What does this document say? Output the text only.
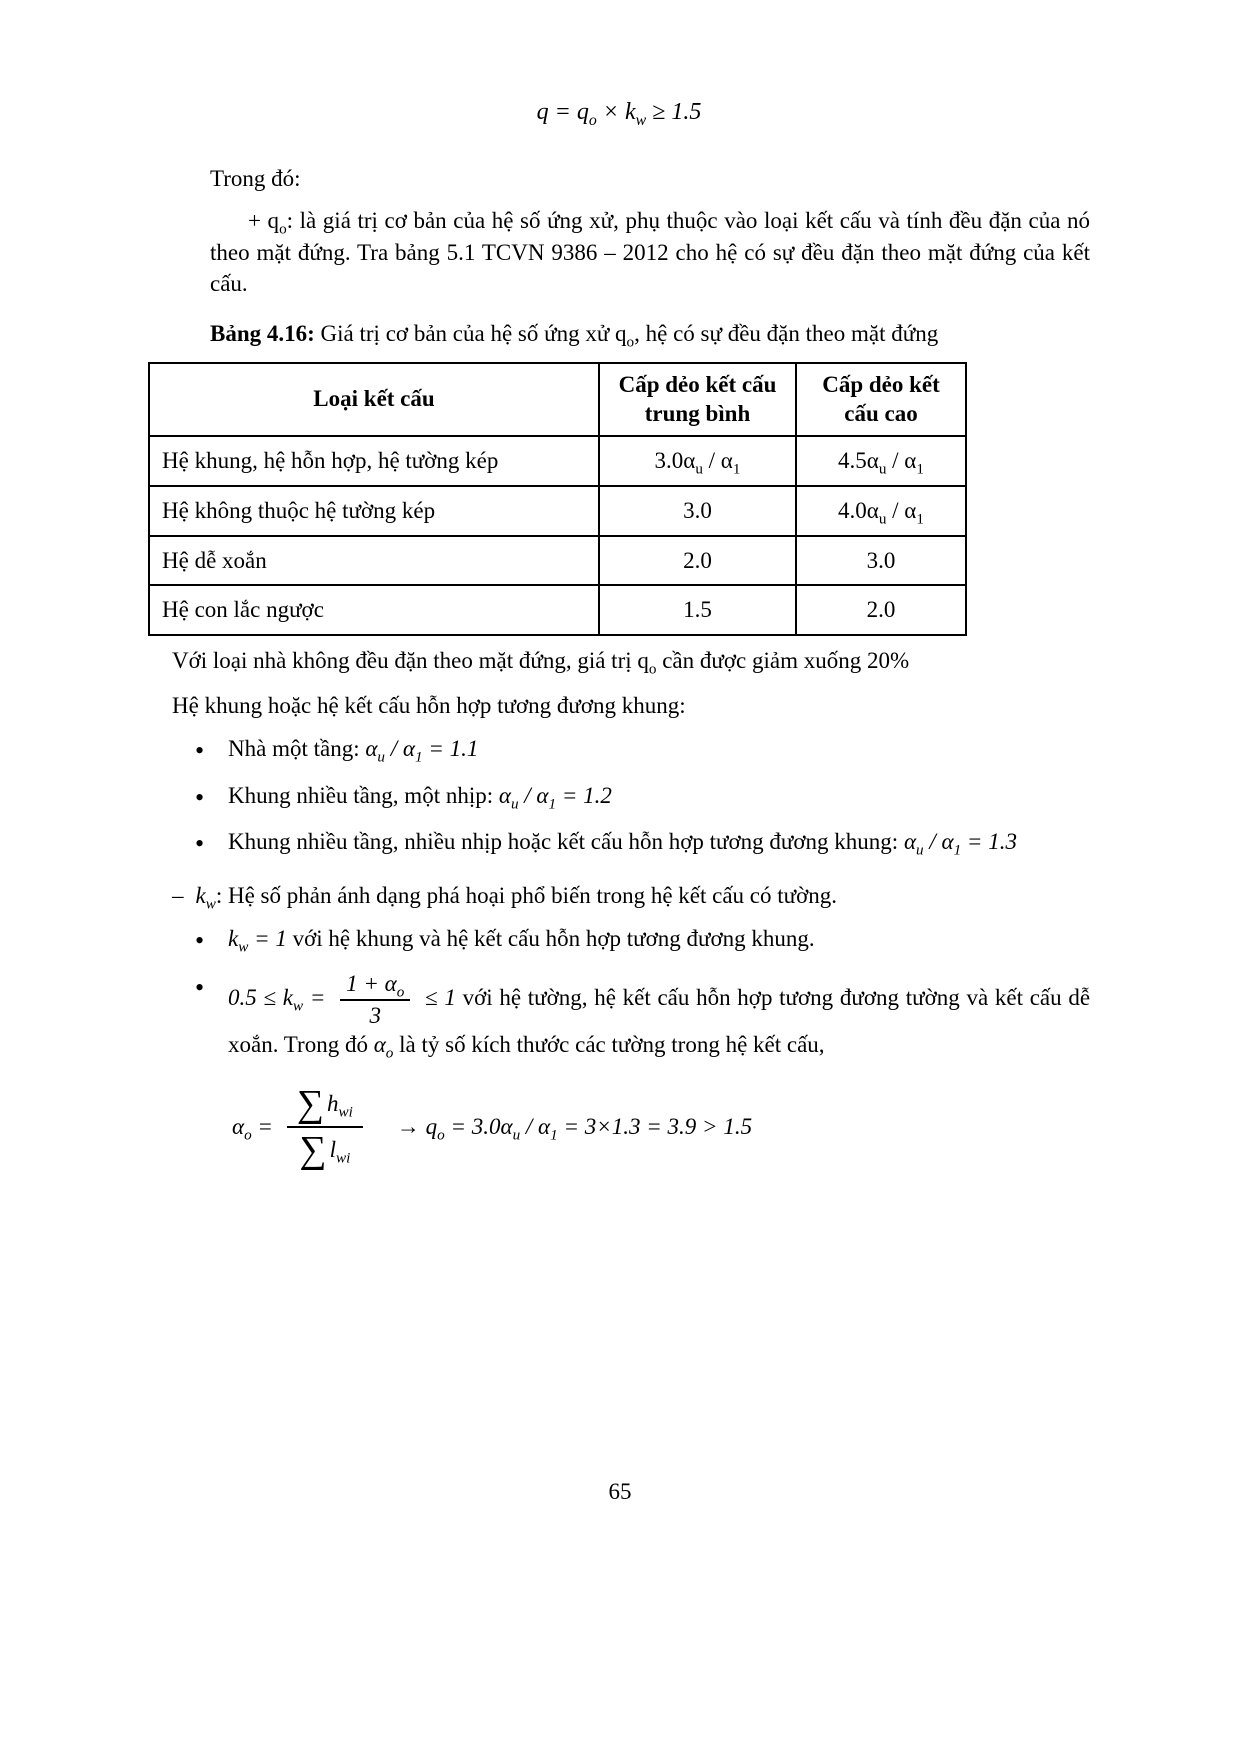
$q = q_o \times k_w \ge 1.5$
Trong đó:
+ $q_o$: là giá trị cơ bản của hệ số ứng xử, phụ thuộc vào loại kết cấu và tính đều đặn của nó theo mặt đứng. Tra bảng 5.1 TCVN 9386 – 2012 cho hệ có sự đều đặn theo mặt đứng của kết cấu.
Bảng 4.16: Giá trị cơ bản của hệ số ứng xử $q_o$, hệ có sự đều đặn theo mặt đứng
Loại kết cấu	Cấp dẻo kết cấu trung bình	Cấp dẻo kết cấu cao
Hệ khung, hệ hỗn hợp, hệ tường kép	$3.0\alpha_u / \alpha_1$	$4.5\alpha_u / \alpha_1$
Hệ không thuộc hệ tường kép	3.0	$4.0\alpha_u / \alpha_1$
Hệ dễ xoắn	2.0	3.0
Hệ con lắc ngược	1.5	2.0
Với loại nhà không đều đặn theo mặt đứng, giá trị $q_o$ cần được giảm xuống 20%
Hệ khung hoặc hệ kết cấu hỗn hợp tương đương khung:
•
Nhà một tầng: $\alpha_u / \alpha_1 = 1.1$
•
Khung nhiều tầng, một nhịp: $\alpha_u / \alpha_1 = 1.2$
•
Khung nhiều tầng, nhiều nhịp hoặc kết cấu hỗn hợp tương đương khung: $\alpha_u / \alpha_1 = 1.3$
– $k_w$: Hệ số phản ánh dạng phá hoại phổ biến trong hệ kết cấu có tường.
•
$k_w = 1$ với hệ khung và hệ kết cấu hỗn hợp tương đương khung.
•
$0.5 \le k_w = \frac{1 + \alpha_o}{3} \le 1$ với hệ tường, hệ kết cấu hỗn hợp tương đương tường và kết cấu dễ xoắn. Trong đó $\alpha_o$ là tỷ số kích thước các tường trong hệ kết cấu,
$\alpha_o$ =
∑ $h_{wi}$
∑ $l_{wi}$
→ $q_o = 3.0\alpha_u / \alpha_1 = 3\times 1.3 = 3.9 > 1.5$
65
